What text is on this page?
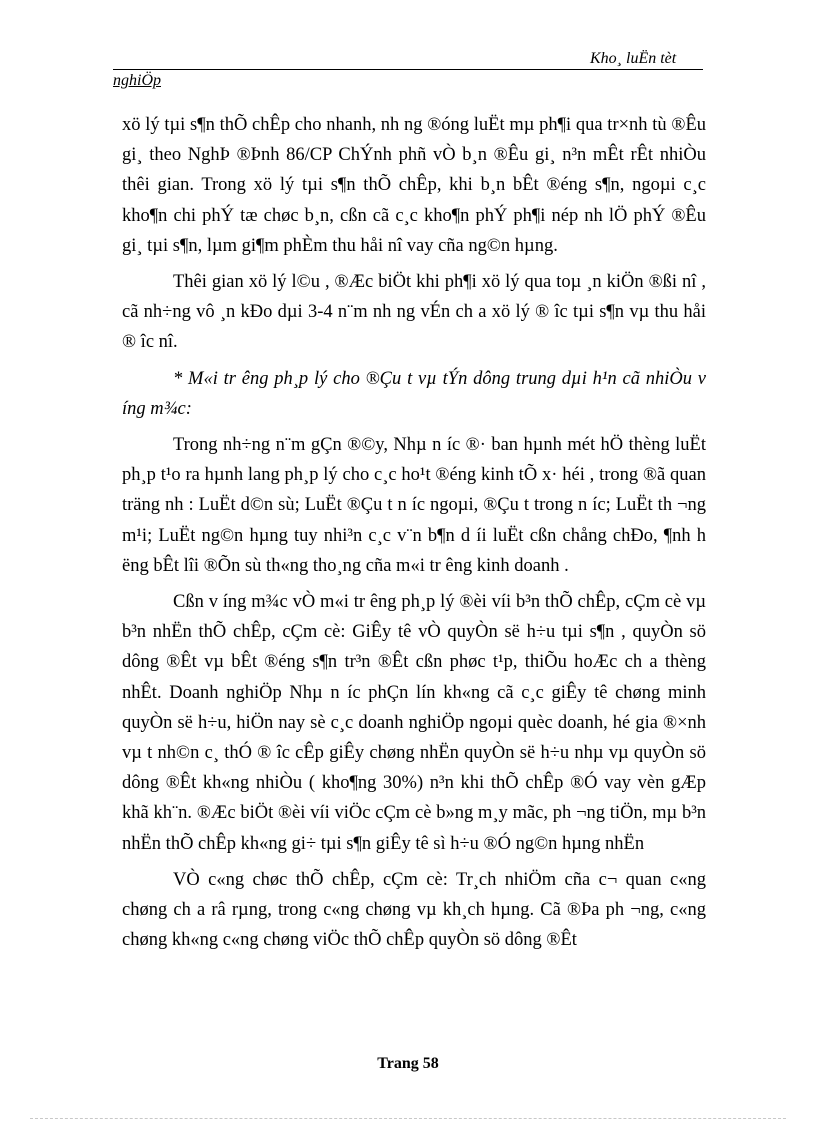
Kho¸ luËn tèt
nghiÖp

xö lý tµi s¶n thÕ chÊp cho nhanh, nh ng ®óng luËt mµ ph¶i qua tr×nh tù ®Êu gi¸ theo NghÞ ®Þnh 86/CP ChÝnh phñ vÒ b¸n ®Êu gi¸ n³n mÊt rÊt nhiÒu thêi gian. Trong xö lý tµi s¶n thÕ chÊp, khi b¸n bÊt ®éng s¶n, ngoµi c¸c kho¶n chi phÝ tæ chøc b¸n, cßn cã c¸c kho¶n phÝ ph¶i nép nh lÖ phÝ ®Êu gi¸ tµi s¶n, lµm gi¶m phÈm thu håi nî vay cña ng©n hµng.

Thêi gian xö lý l©u , ®Æc biÖt khi ph¶i xö lý qua toµ ¸n kiÖn ®ßi nî , cã nh÷ng vô ¸n kÐo dµi 3-4 n¨m nh ng vÉn ch a xö lý ® îc tµi s¶n vµ thu håi ® îc nî.

* M«i tr êng ph¸p lý cho ®Çu t vµ tÝn dông trung dµi h¹n cã nhiÒu v íng m¾c:

Trong nh÷ng n¨m gÇn ®©y, Nhµ n íc ®· ban hµnh mét hÖ thèng luËt ph¸p t¹o ra hµnh lang ph¸p lý cho c¸c ho¹t ®éng kinh tÕ x· héi , trong ®ã quan träng nh : LuËt d©n sù; LuËt ®Çu t n íc ngoµi, ®Çu t trong n íc; LuËt th ¬ng m¹i; LuËt ng©n hµng tuy nhi³n c¸c v¨n b¶n d íi luËt cßn chång chÐo, ¶nh h ëng bÊt lîi ®Õn sù th«ng tho¸ng cña m«i tr êng kinh doanh .

Cßn v íng m¾c vÒ m«i tr êng ph¸p lý ®èi víi b³n thÕ chÊp, cÇm cè vµ b³n nhËn thÕ chÊp, cÇm cè: GiÊy tê vÒ quyÒn së h÷u tµi s¶n , quyÒn sö dông ®Êt vµ bÊt ®éng s¶n tr³n ®Êt cßn phøc t¹p, thiÕu hoÆc ch a thèng nhÊt. Doanh nghiÖp Nhµ n íc phÇn lín kh«ng cã c¸c giÊy tê chøng minh quyÒn së h÷u, hiÖn nay sè c¸c doanh nghiÖp ngoµi quèc doanh, hé gia ®×nh vµ t nh©n c¸ thÓ ® îc cÊp giÊy chøng nhËn quyÒn së h÷u nhµ vµ quyÒn sö dông ®Êt kh«ng nhiÒu ( kho¶ng 30%) n³n khi thÕ chÊp ®Ó vay vèn gÆp khã kh¨n. ®Æc biÖt ®èi víi viÖc cÇm cè b»ng m¸y mãc, ph ¬ng tiÖn, mµ b³n nhËn thÕ chÊp kh«ng gi÷ tµi s¶n giÊy tê sì h÷u ®Ó ng©n hµng nhËn

VÒ c«ng chøc thÕ chÊp, cÇm cè: Tr¸ch nhiÖm cña c¬ quan c«ng chøng ch a râ rµng, trong c«ng chøng vµ kh¸ch hµng. Cã ®Þa ph ¬ng, c«ng chøng kh«ng c«ng chøng viÖc thÕ chÊp quyÒn sö dông ®Êt

Trang 58
